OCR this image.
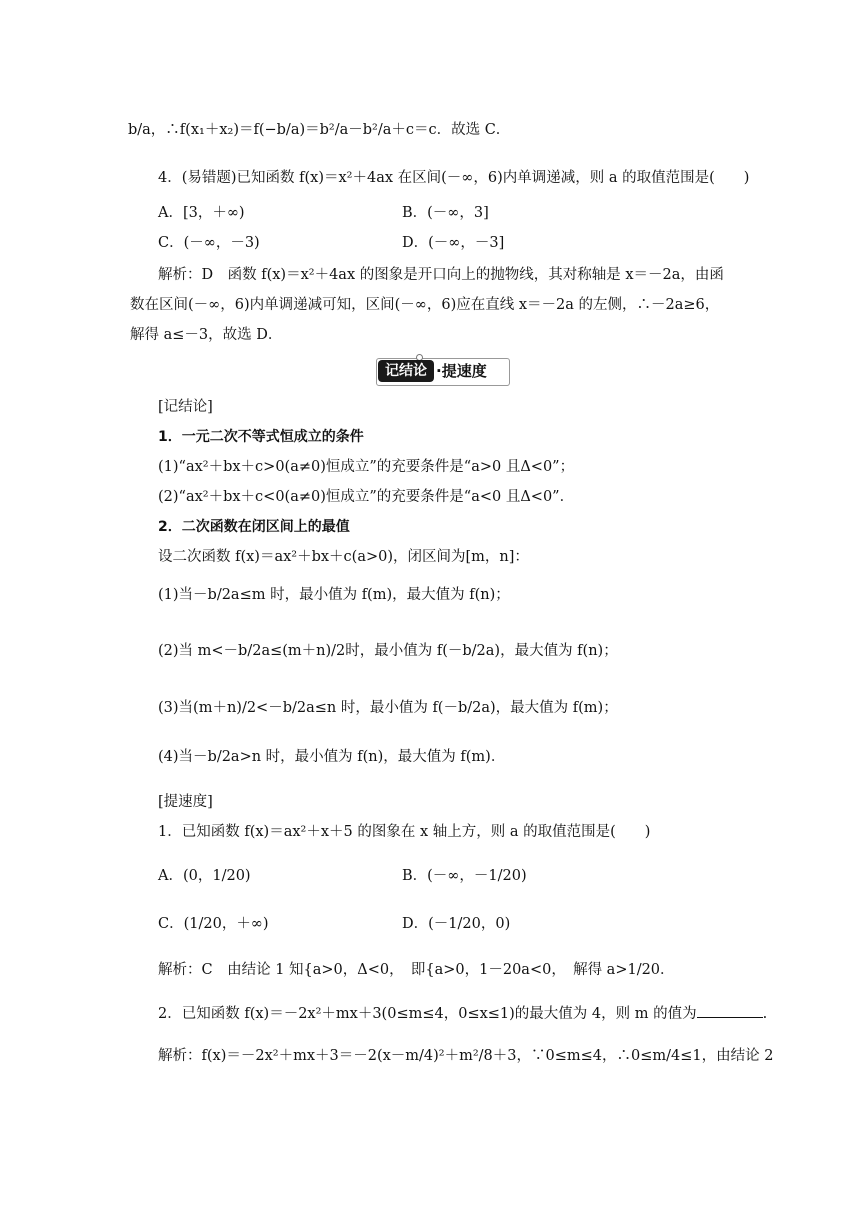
b/a，∴f(x₁＋x₂)＝f(−b/a)＝b²/a－b²/a＋c＝c．故选 C．
4．(易错题)已知函数 f(x)＝x²＋4ax 在区间(－∞，6)内单调递减，则 a 的取值范围是(　　)
A．[3，＋∞)	B．(－∞，3]
C．(－∞，－3)	D．(－∞，－3]
解析：D　函数 f(x)＝x²＋4ax 的图象是开口向上的抛物线，其对称轴是 x＝－2a，由函
数在区间(－∞，6)内单调递减可知，区间(－∞，6)应在直线 x＝－2a 的左侧，∴－2a≥6，
解得 a≤－3，故选 D．
记结论 ·提速度
[记结论]
1．一元二次不等式恒成立的条件
(1)“ax²＋bx＋c>0(a≠0)恒成立”的充要条件是“a>0 且Δ<0”；
(2)“ax²＋bx＋c<0(a≠0)恒成立”的充要条件是“a<0 且Δ<0”．
2．二次函数在闭区间上的最值
设二次函数 f(x)＝ax²＋bx＋c(a>0)，闭区间为[m，n]：
(1)当－b/2a≤m 时，最小值为 f(m)，最大值为 f(n)；
(2)当 m<－b/2a≤(m＋n)/2时，最小值为 f(－b/2a)，最大值为 f(n)；
(3)当(m＋n)/2<－b/2a≤n 时，最小值为 f(－b/2a)，最大值为 f(m)；
(4)当－b/2a>n 时，最小值为 f(n)，最大值为 f(m)．
[提速度]
1．已知函数 f(x)＝ax²＋x＋5 的图象在 x 轴上方，则 a 的取值范围是(　　)
A．(0，1/20)	B．(－∞，－1/20)
C．(1/20，＋∞)	D．(－1/20，0)
解析：C　由结论 1 知{a>0，Δ<0，　即{a>0，1－20a<0，　解得 a>1/20．
2．已知函数 f(x)＝－2x²＋mx＋3(0≤m≤4，0≤x≤1)的最大值为 4，则 m 的值为	.
解析：f(x)＝－2x²＋mx＋3＝－2(x－m/4)²＋m²/8＋3，∵0≤m≤4，∴0≤m/4≤1，由结论 2
